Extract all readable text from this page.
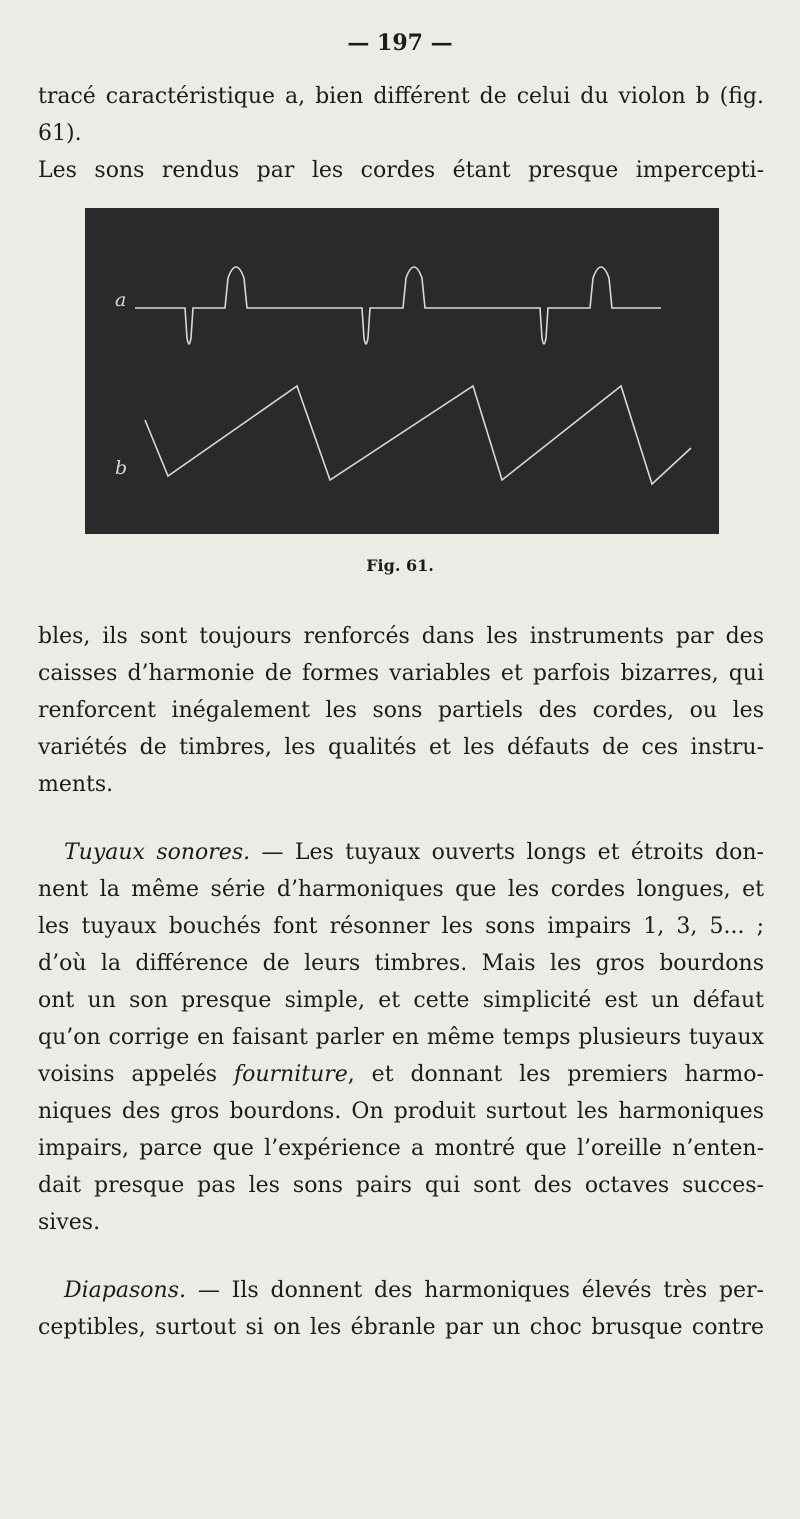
— 197 —
tracé caractéristique a, bien différent de celui du violon b (fig. 61).
Les sons rendus par les cordes étant presque impercepti-
a
b
Fig. 61.
bles, ils sont toujours renforcés dans les instruments par des
caisses d’harmonie de formes variables et parfois bizarres, qui
renforcent inégalement les sons partiels des cordes, ou les
variétés de timbres, les qualités et les défauts de ces instru-
ments.
Tuyaux sonores. — Les tuyaux ouverts longs et étroits don-
nent la même série d’harmoniques que les cordes longues, et
les tuyaux bouchés font résonner les sons impairs 1, 3, 5... ;
d’où la différence de leurs timbres. Mais les gros bourdons
ont un son presque simple, et cette simplicité est un défaut
qu’on corrige en faisant parler en même temps plusieurs tuyaux
voisins appelés fourniture, et donnant les premiers harmo-
niques des gros bourdons. On produit surtout les harmoniques
impairs, parce que l’expérience a montré que l’oreille n’enten-
dait presque pas les sons pairs qui sont des octaves succes-
sives.
Diapasons. — Ils donnent des harmoniques élevés très per-
ceptibles, surtout si on les ébranle par un choc brusque contre
